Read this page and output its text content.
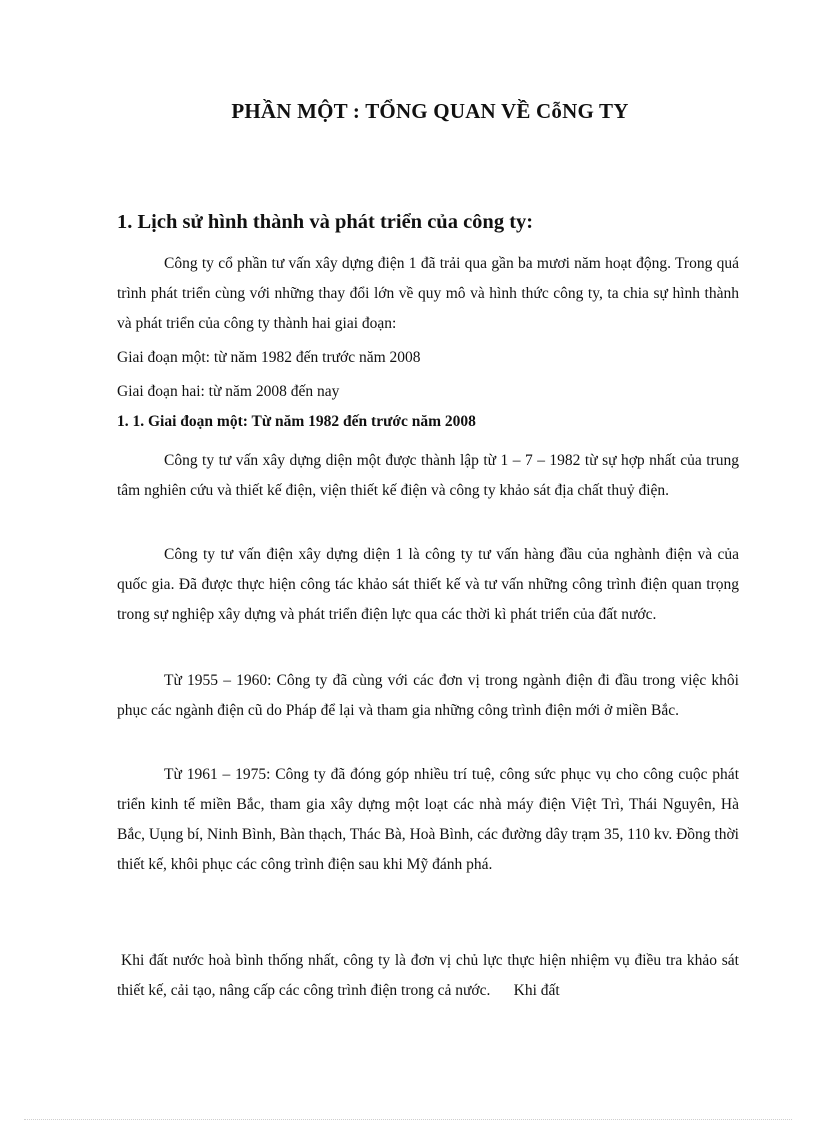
PHẦN MỘT : TỔNG QUAN VỀ CỗNG TY
1. Lịch sử hình thành và phát triển của công ty:

Công ty cổ phần tư vấn xây dựng điện 1 đã trải qua gần ba mươi năm hoạt động. Trong quá trình phát triển cùng với những thay đổi lớn về quy mô và hình thức công ty, ta chia sự hình thành và phát triển của công ty thành hai giai đoạn:

Giai đoạn một: từ năm 1982 đến trước năm 2008
Giai đoạn hai: từ năm 2008 đến nay
1. 1. Giai đoạn một: Từ năm 1982 đến trước năm 2008

Công ty tư vấn xây dựng diện một được thành lập từ 1 – 7 – 1982 từ sự hợp nhất của trung tâm nghiên cứu và thiết kế điện, viện thiết kế điện và công ty khảo sát địa chất thuỷ điện.

Công ty tư vấn điện xây dựng diện 1 là công ty tư vấn hàng đầu của nghành điện và của quốc gia. Đã được thực hiện công tác khảo sát thiết kế và tư vấn những công trình điện quan trọng trong sự nghiệp xây dựng và phát triển điện lực qua các thời kì phát triển của đất nước.

Từ 1955 – 1960: Công ty đã cùng với các đơn vị trong ngành điện đi đầu trong việc khôi phục các ngành điện cũ do Pháp để lại và tham gia những công trình điện mới ở miền Bắc.

Từ 1961 – 1975: Công ty đã đóng góp nhiều trí tuệ, công sức phục vụ cho công cuộc phát triển kinh tế miền Bắc, tham gia xây dựng một loạt các nhà máy điện Việt Trì, Thái Nguyên, Hà Bắc, Uụng bí, Ninh Bình, Bàn thạch, Thác Bà, Hoà Bình, các đường dây trạm 35, 110 kv. Đồng thời thiết kế, khôi phục các công trình điện sau khi Mỹ đánh phá.

Khi đất nước hoà bình thống nhất, công ty là đơn vị chủ lực thực hiện nhiệm vụ điều tra khảo sát thiết kế, cải tạo, nâng cấp các công trình điện trong cả nước.      Khi đất
